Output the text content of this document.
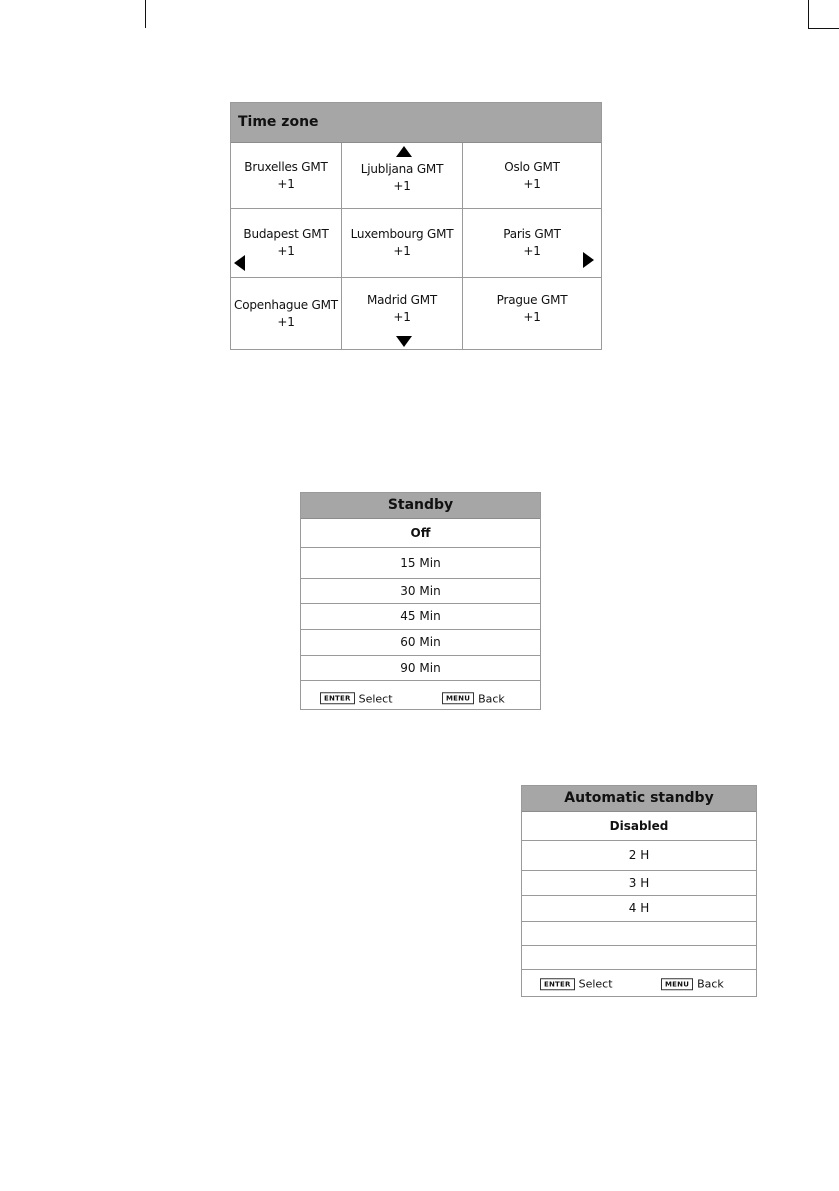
Time zone
Bruxelles GMT
+1
Ljubljana GMT
+1
Oslo GMT
+1
Budapest GMT
+1
Luxembourg GMT
+1
Paris GMT
+1
Copenhague GMT
+1
Madrid GMT
+1
Prague GMT
+1
Standby
Off
15 Min
30 Min
45 Min
60 Min
90 Min
ENTER Select	MENU Back
Automatic standby
Disabled
2 H
3 H
4 H
ENTER Select	MENU Back
